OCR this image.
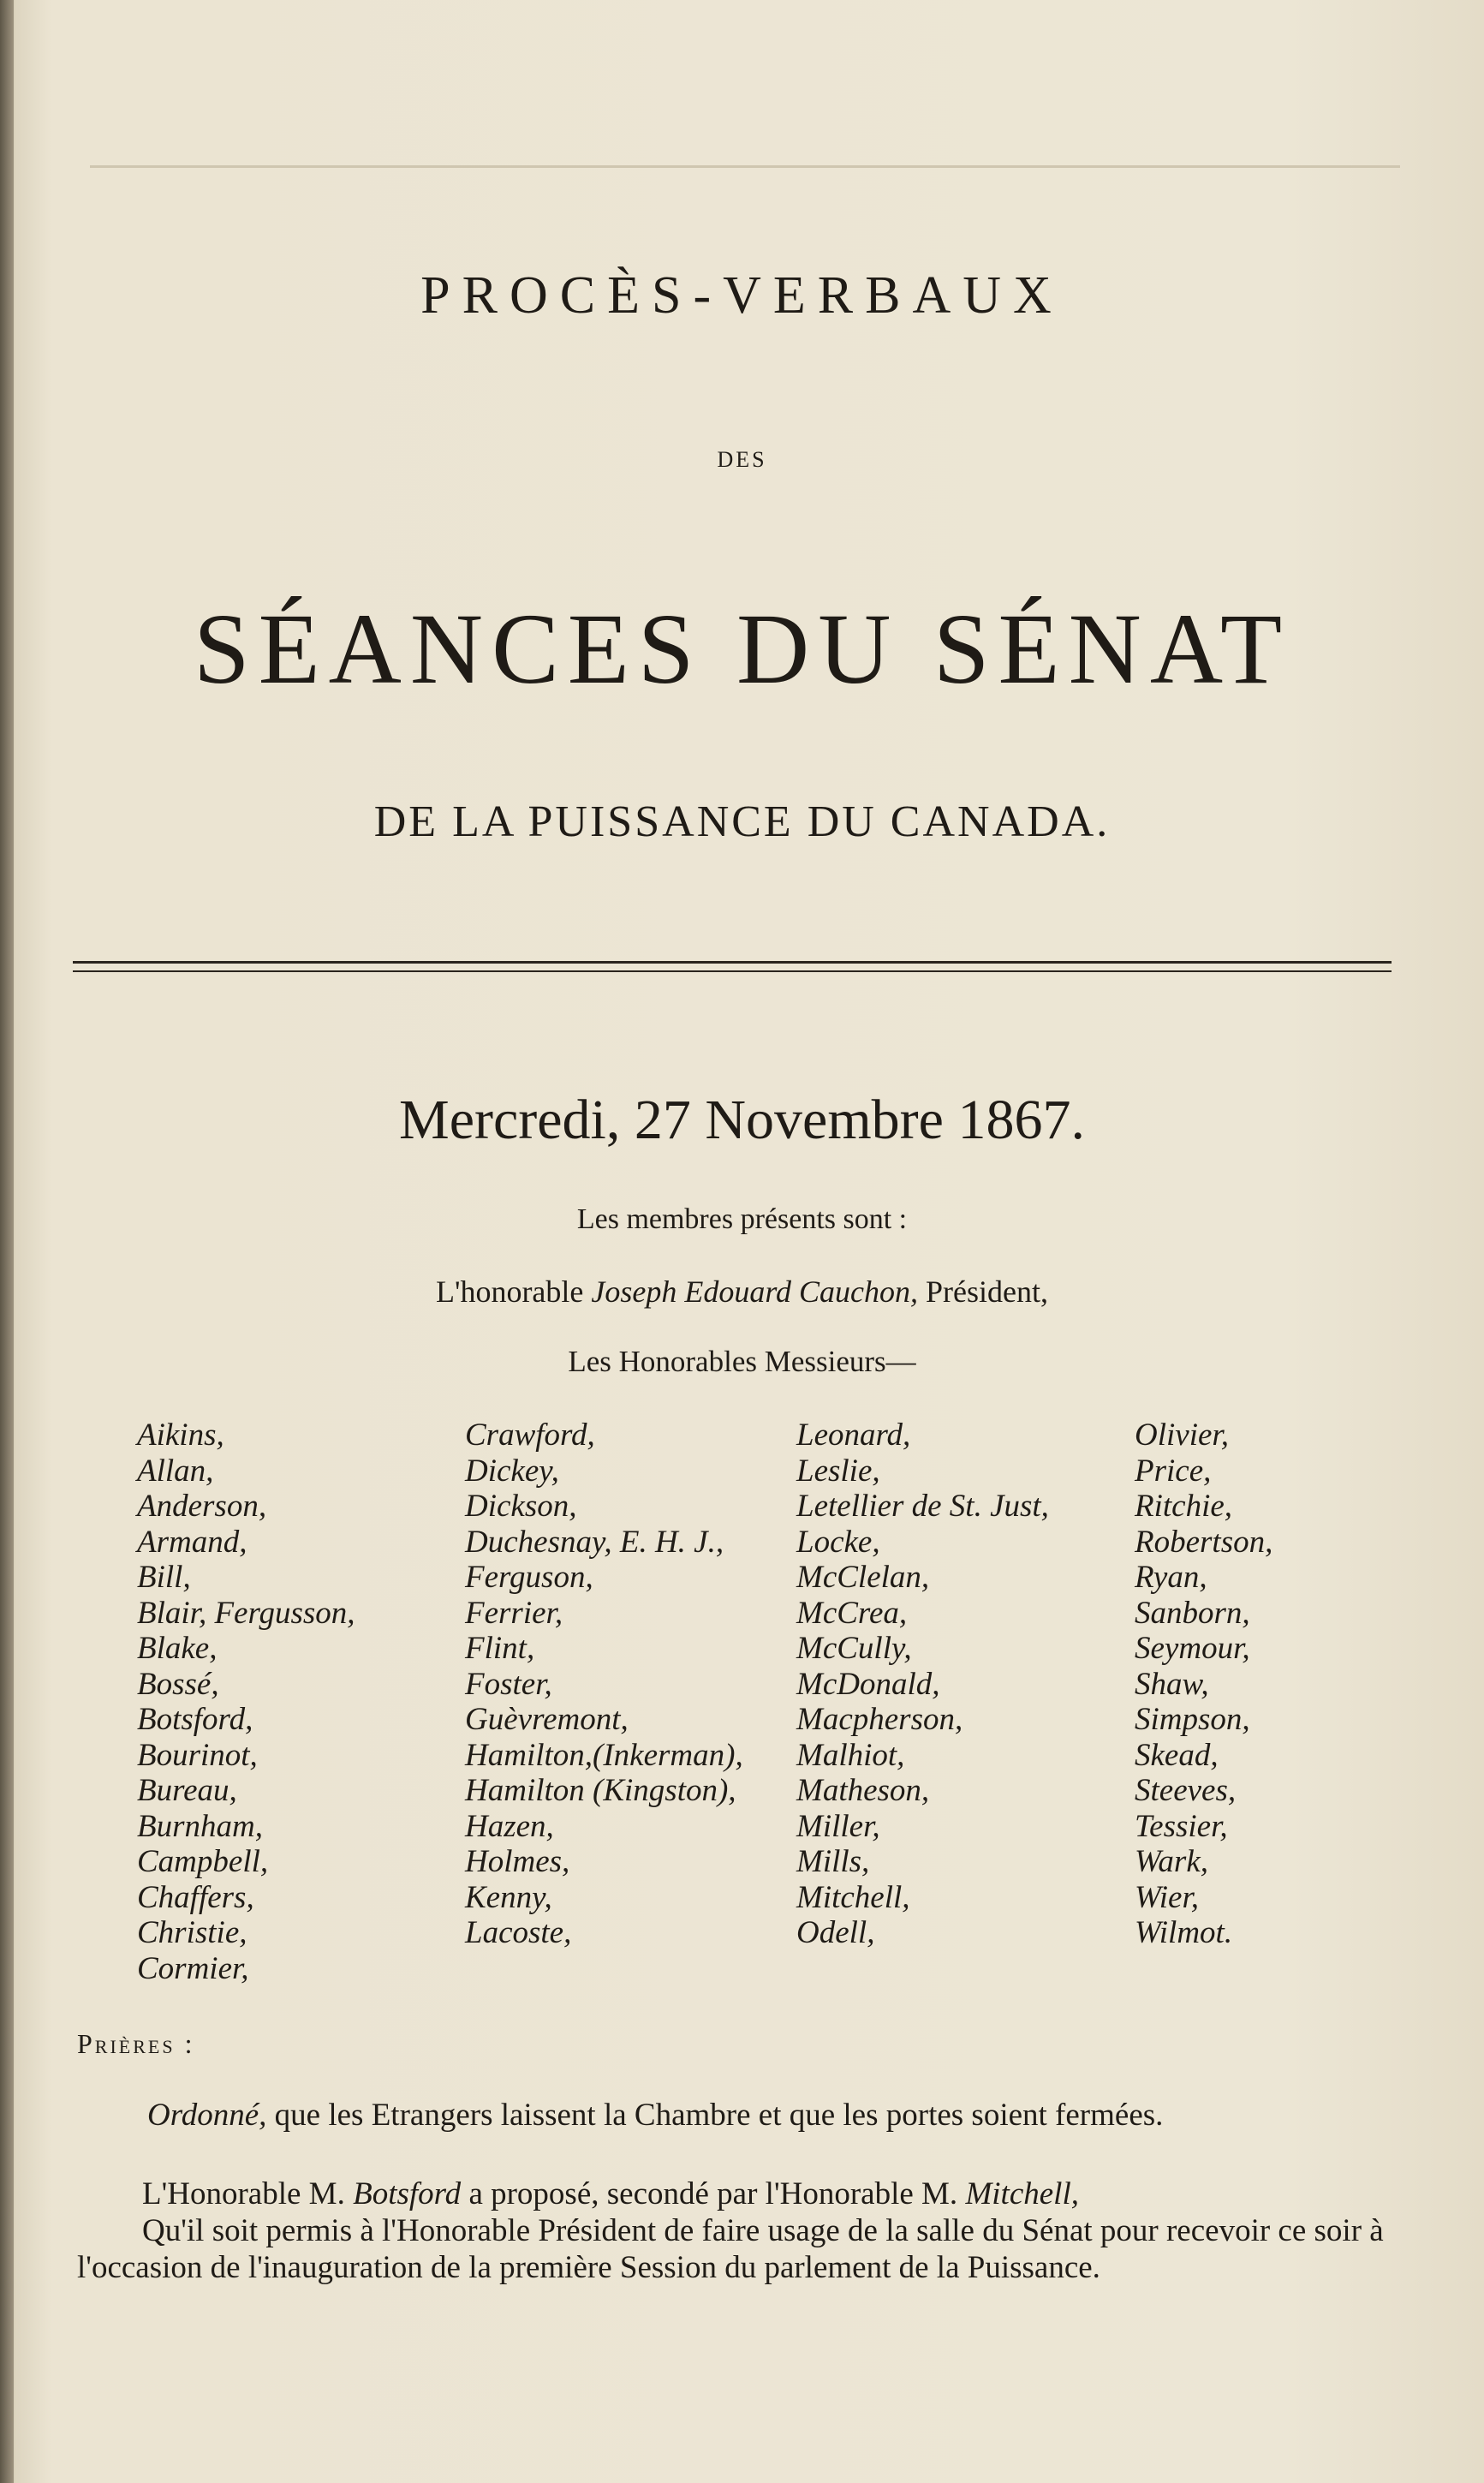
PROCÈS-VERBAUX
DES
SÉANCES DU SÉNAT
DE LA PUISSANCE DU CANADA.
Mercredi, 27 Novembre 1867.
Les membres présents sont :
L'honorable Joseph Edouard Cauchon, Président,
Les Honorables Messieurs—
Aikins,
Allan,
Anderson,
Armand,
Bill,
Blair, Fergusson,
Blake,
Bossé,
Botsford,
Bourinot,
Bureau,
Burnham,
Campbell,
Chaffers,
Christie,
Cormier,
Crawford,
Dickey,
Dickson,
Duchesnay, E. H. J.,
Ferguson,
Ferrier,
Flint,
Foster,
Guèvremont,
Hamilton,(Inkerman),
Hamilton (Kingston),
Hazen,
Holmes,
Kenny,
Lacoste,
Leonard,
Leslie,
Letellier de St. Just,
Locke,
McClelan,
McCrea,
McCully,
McDonald,
Macpherson,
Malhiot,
Matheson,
Miller,
Mills,
Mitchell,
Odell,
Olivier,
Price,
Ritchie,
Robertson,
Ryan,
Sanborn,
Seymour,
Shaw,
Simpson,
Skead,
Steeves,
Tessier,
Wark,
Wier,
Wilmot.
Prières :
Ordonné, que les Etrangers laissent la Chambre et que les portes soient fermées.

L'Honorable M. Botsford a proposé, secondé par l'Honorable M. Mitchell,

Qu'il soit permis à l'Honorable Président de faire usage de la salle du Sénat pour recevoir ce soir à l'occasion de l'inauguration de la première Session du parlement de la Puissance.
